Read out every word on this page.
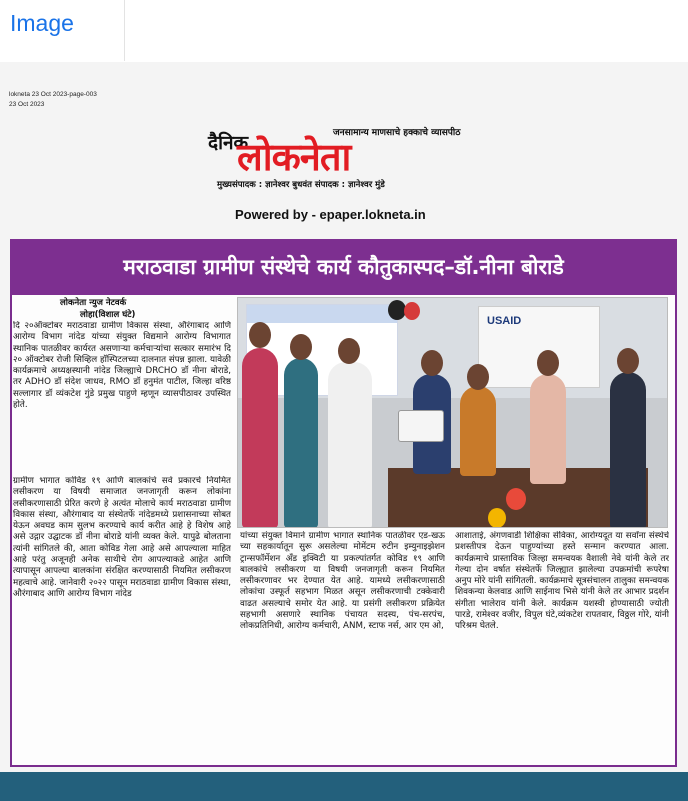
Image
lokneta 23 Oct 2023-page-003
23 Oct 2023
दैनिक	जनसामान्य माणसाचे हक्काचे व्यासपीठ
लोकनेता
मुख्यसंपादक : ज्ञानेश्वर बुधवंत संपादक : ज्ञानेश्वर मुंडे
Powered by - epaper.lokneta.in
मराठवाडा ग्रामीण संस्थेचे कार्य कौतुकास्पद–डॉ.नीना बोराडे
लोकनेता न्युज नेटवर्क
लोहा(विशाल घंटे)
दि २०ऑक्टोबर मराठवाडा ग्रामीण विकास संस्था, औरंगाबाद आणि आरोग्य विभाग नांदेड यांच्या संयुक्त विद्यमाने आरोग्य विभागात स्थानिक पातळीवर कार्यरत असणाऱ्या कर्मचाऱ्यांचा सत्कार समारंभ दि २० ऑक्टोबर रोजी सिव्हिल हॉस्पिटलच्या दालनात संपन्न झाला. यावेळी कार्यक्रमाचे अध्यक्षस्थानी नांदेड जिल्ह्याचे DRCHO डॉ नीना बोराडे, तर ADHO डॉ संदेश जाधव, RMO डॉ हनुमंत पाटील, जिल्हा वरिष्ठ सल्लागार डॉ व्यंकटेश गुंडे प्रमुख पाहुणे म्हणून व्यासपीठावर उपस्थित होते.
ग्रामीण भागात कोविड १९ आणि बालकांचे सर्व प्रकारचे नियमित लसीकरण या विषयी समाजात जनजागृती करून लोकांना लसीकरणासाठी प्रेरित करणे हे अत्यंत मोलाचे कार्य मराठवाडा ग्रामीण विकास संस्था, औरंगाबाद या संस्थेतर्फे नांदेडमध्ये प्रशासनाच्या सोबत येऊन अवघड काम सुलभ करण्याचे कार्य करीत आहे हे विशेष आहे असे उद्गार उद्घाटक डॉ नीना बोराडे यांनी व्यक्त केले. यापुढे बोलताना त्यांनी सांगितले की, आता कोविड गेला आहे असे आपल्याला माहित आहे परंतु अजूनही अनेक साथीचे रोग आपल्याकडे आहेत आणि त्यापासून आपल्या बालकांना संरक्षित करण्यासाठी नियमित लसीकरण महत्वाचे आहे. जानेवारी २०२२ पासून मराठवाडा ग्रामीण विकास संस्था, औरंगाबाद आणि आरोग्य विभाग नांदेड
यांच्या संयुक्त विमाने ग्रामीण भागात स्थानिक पातळीवर एड-खऊ च्या सहकार्यातून सुरू असलेल्या मोमेंटम रुटीन इम्युनाइझेशन ट्रान्सफॉर्मेशन अँड इक्विटी या प्रकल्पांतर्गत कोविड १९ आणि बालकांचे लसीकरण या विषयी जनजागृती करून नियमित लसीकरणावर भर देण्यात येत आहे. यामध्ये लसीकरणासाठी लोकांचा उस्फूर्त सहभाग मिळत असून लसीकरणाची टक्केवारी वाढत असल्याचे समोर येत आहे. या प्रसंगी लसीकरण प्रक्रियेत सहभागी असणारे स्थानिक पंचायत सदस्य, पंच-सरपंच, लोकप्रतिनिधी, आरोग्य कर्मचारी, ANM, स्टाफ नर्स, आर एम ओ,
आशाताई, अंगणवाडी शिक्षिका सेविका, आरोग्यदूत या सर्वांना संस्थेचे प्रशस्तीपत्र देऊन पाहुण्यांच्या हस्ते सन्मान करण्यात आला. कार्यक्रमाचे प्रास्ताविक जिल्हा समन्वयक वैशाली नेवे यांनी केले तर गेल्या दोन वर्षात संस्थेतर्फे जिल्ह्यात झालेल्या उपक्रमांची रूपरेषा अनुप मोरे यांनी सांगितली. कार्यक्रमाचे सूत्रसंचालन तालुका समन्वयक शिवकन्या केलवाड आणि साईनाथ भिसे यांनी केले तर आभार प्रदर्शन संगीता भालेराव यांनी केले. कार्यक्रम यशस्वी होण्यासाठी ज्योती पारडे, रामेश्वर वजीर, विपुल घंटे,व्यंकटेश रापतवार, विठ्ठल गोरे, यांनी परिश्रम घेतले.
USAID
